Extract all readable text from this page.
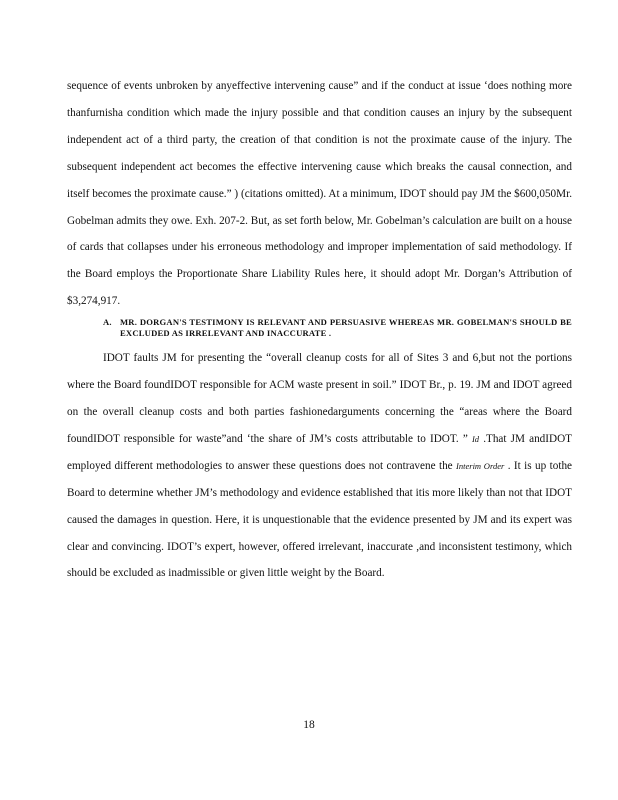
sequence of events unbroken by anyeffective intervening cause” and if the conduct at issue ‘does nothing more thanfurnisha condition which made the injury possible and that condition causes an injury by the subsequent independent act of a third party, the creation of that condition is not the proximate cause of the injury. The subsequent independent act becomes the effective intervening cause which breaks the causal connection, and itself becomes the proximate cause.” ) (citations omitted). At a minimum, IDOT should pay JM the $600,050Mr. Gobelman admits they owe. Exh. 207-2. But, as set forth below, Mr. Gobelman’s calculation are built on a house of cards that collapses under his erroneous methodology and improper implementation of said methodology. If the Board employs the Proportionate Share Liability Rules here, it should adopt Mr. Dorgan’s Attribution of $3,274,917.

A. MR. DORGAN'S TESTIMONY IS RELEVANT AND PERSUASIVE WHEREAS MR. GOBELMAN'S SHOULD BE EXCLUDED AS IRRELEVANT AND INACCURATE .

IDOT faults JM for presenting the “overall cleanup costs for all of Sites 3 and 6,but not the portions where the Board foundIDOT responsible for ACM waste present in soil.” IDOT Br., p. 19. JM and IDOT agreed on the overall cleanup costs and both parties fashionedarguments concerning the “areas where the Board foundIDOT responsible for waste”and ‘the share of JM’s costs attributable to IDOT. ” Id .That JM andIDOT employed different methodologies to answer these questions does not contravene the Interim Order . It is up tothe Board to determine whether JM’s methodology and evidence established that itis more likely than not that IDOT caused the damages in question. Here, it is unquestionable that the evidence presented by JM and its expert was clear and convincing. IDOT’s expert, however, offered irrelevant, inaccurate ,and inconsistent testimony, which should be excluded as inadmissible or given little weight by the Board.

18
